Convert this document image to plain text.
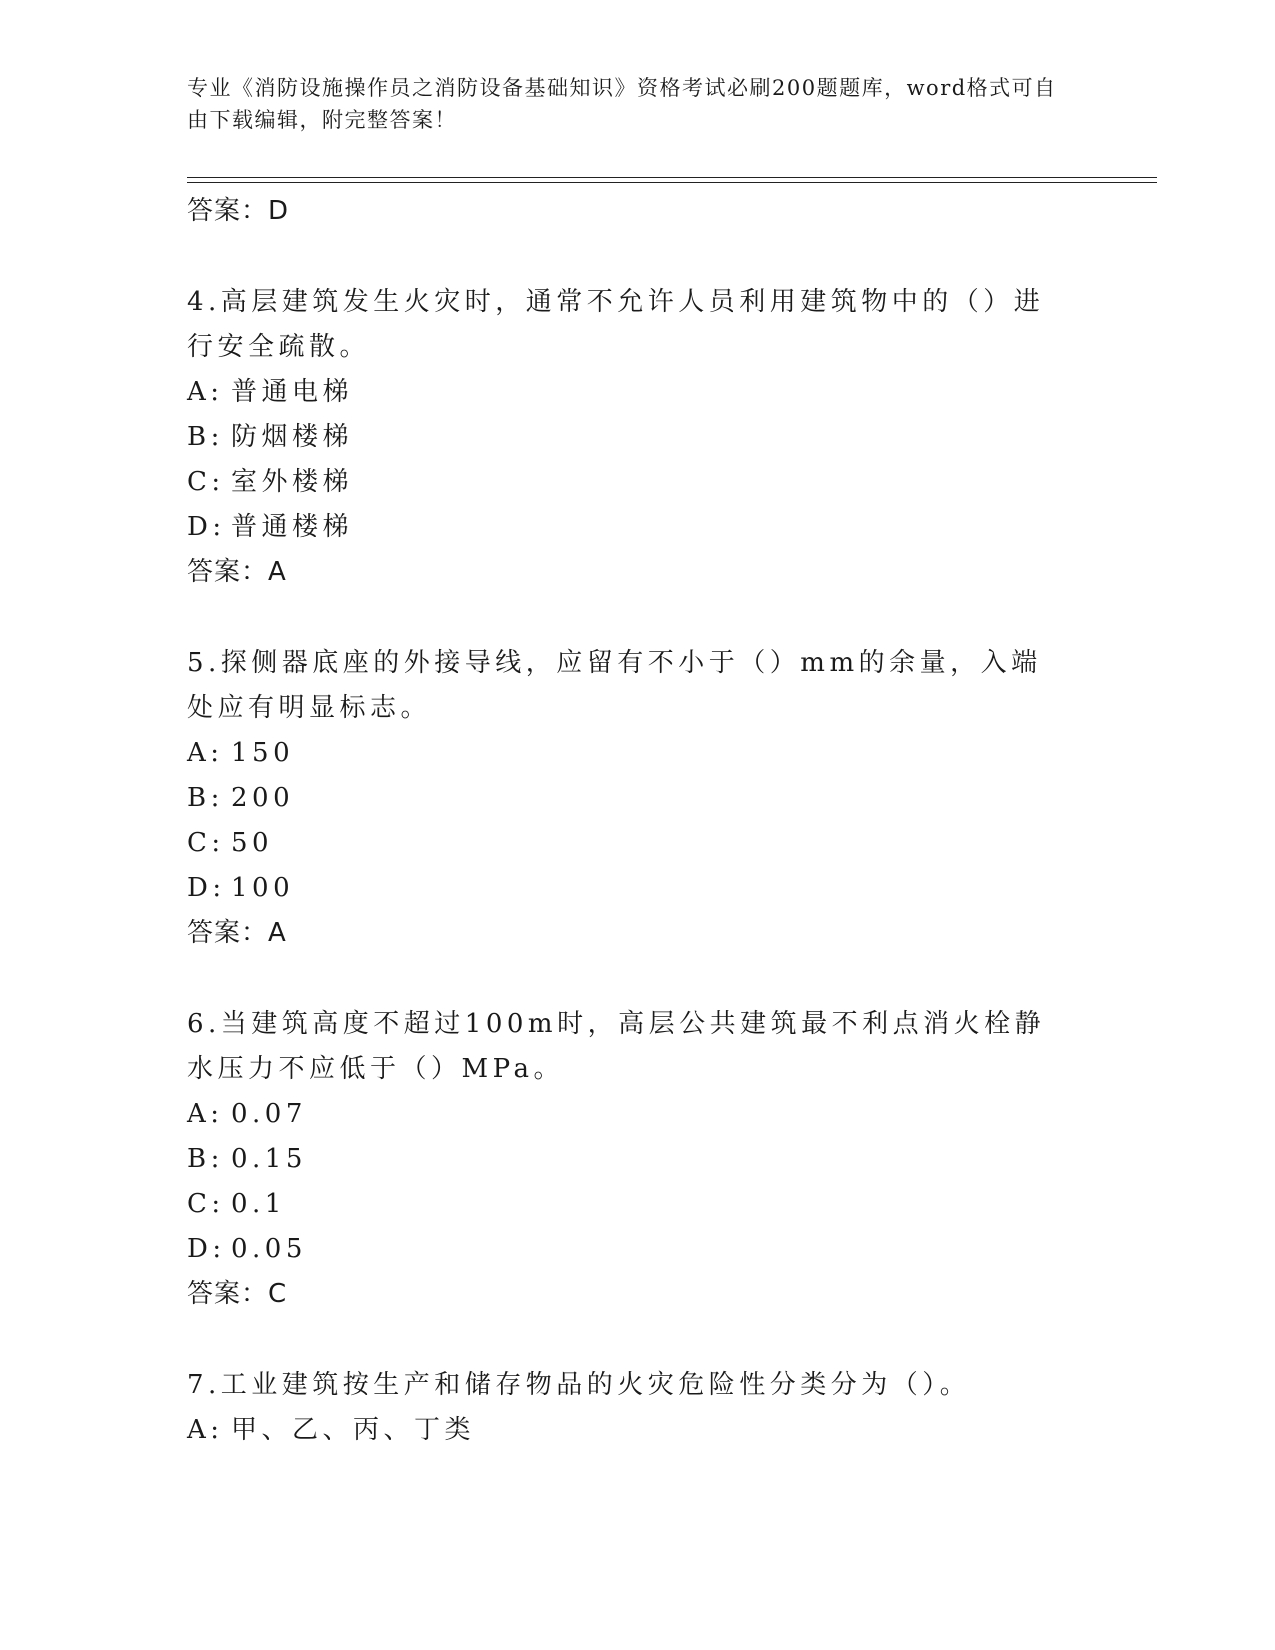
专业《消防设施操作员之消防设备基础知识》资格考试必刷200题题库，word格式可自由下载编辑，附完整答案！
答案：D
4.高层建筑发生火灾时，通常不允许人员利用建筑物中的（）进行安全疏散。
A: 普通电梯
B: 防烟楼梯
C: 室外楼梯
D: 普通楼梯
答案：A
5.探侧器底座的外接导线，应留有不小于（）mm的余量，入端处应有明显标志。
A: 150
B: 200
C: 50
D: 100
答案：A
6.当建筑高度不超过100m时，高层公共建筑最不利点消火栓静水压力不应低于（）MPa。
A: 0.07
B: 0.15
C: 0.1
D: 0.05
答案：C
7.工业建筑按生产和储存物品的火灾危险性分类分为（）。
A: 甲、乙、丙、丁类
